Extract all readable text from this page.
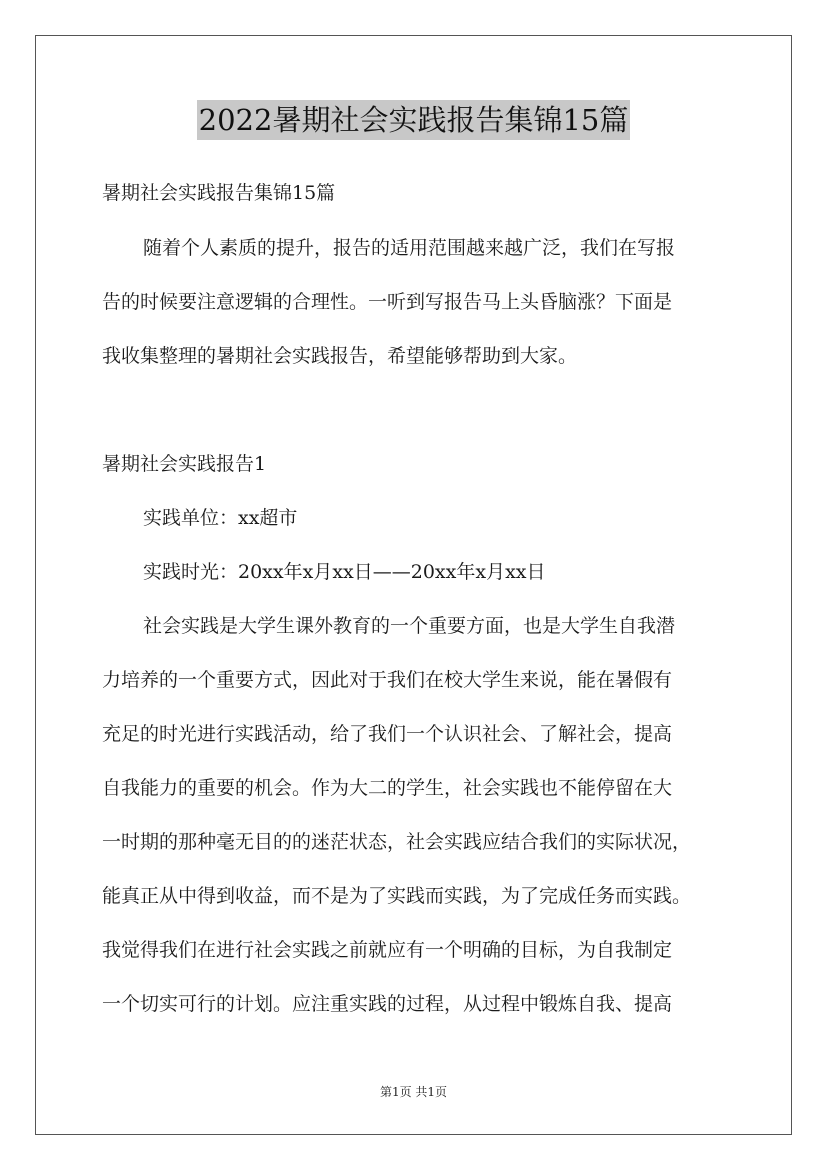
2022暑期社会实践报告集锦15篇
暑期社会实践报告集锦15篇
随着个人素质的提升，报告的适用范围越来越广泛，我们在写报
告的时候要注意逻辑的合理性。一听到写报告马上头昏脑涨？下面是
我收集整理的暑期社会实践报告，希望能够帮助到大家。
暑期社会实践报告1
实践单位：xx超市
实践时光：20xx年x月xx日——20xx年x月xx日
社会实践是大学生课外教育的一个重要方面，也是大学生自我潜
力培养的一个重要方式，因此对于我们在校大学生来说，能在暑假有
充足的时光进行实践活动，给了我们一个认识社会、了解社会，提高
自我能力的重要的机会。作为大二的学生，社会实践也不能停留在大
一时期的那种毫无目的的迷茫状态，社会实践应结合我们的实际状况，
能真正从中得到收益，而不是为了实践而实践，为了完成任务而实践。
我觉得我们在进行社会实践之前就应有一个明确的目标，为自我制定
一个切实可行的计划。应注重实践的过程，从过程中锻炼自我、提高
第1页 共1页
